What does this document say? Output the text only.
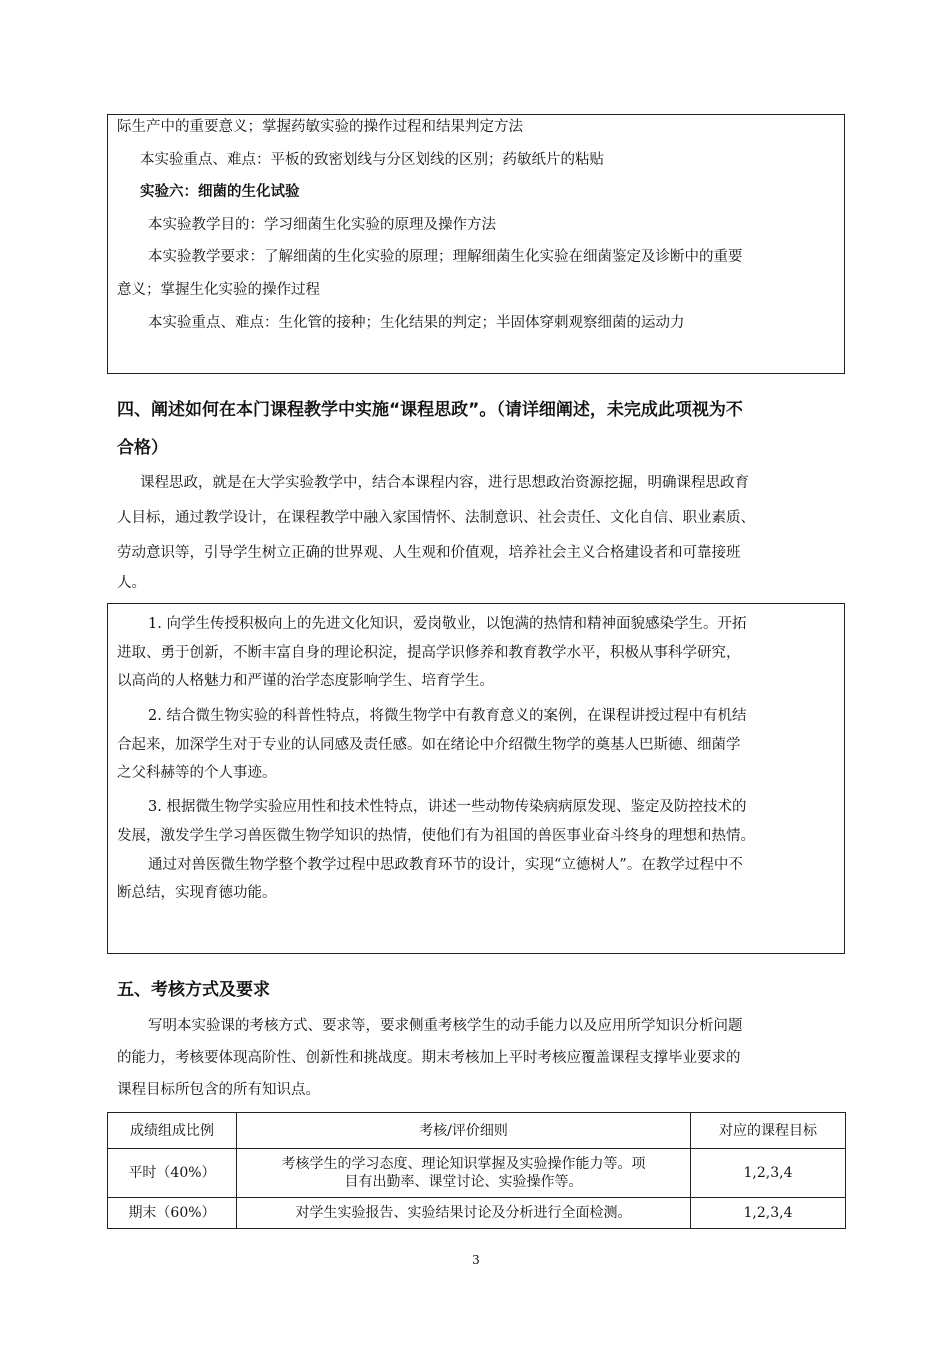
际生产中的重要意义；掌握药敏实验的操作过程和结果判定方法
本实验重点、难点：平板的致密划线与分区划线的区别；药敏纸片的粘贴
实验六：细菌的生化试验
本实验教学目的：学习细菌生化实验的原理及操作方法
本实验教学要求：了解细菌的生化实验的原理；理解细菌生化实验在细菌鉴定及诊断中的重要
意义；掌握生化实验的操作过程
本实验重点、难点：生化管的接种；生化结果的判定；半固体穿刺观察细菌的运动力
四、阐述如何在本门课程教学中实施“课程思政”。（请详细阐述，未完成此项视为不
合格）
课程思政，就是在大学实验教学中，结合本课程内容，进行思想政治资源挖掘，明确课程思政育
人目标，通过教学设计，在课程教学中融入家国情怀、法制意识、社会责任、文化自信、职业素质、
劳动意识等，引导学生树立正确的世界观、人生观和价值观，培养社会主义合格建设者和可靠接班
人。
1. 向学生传授积极向上的先进文化知识，爱岗敬业，以饱满的热情和精神面貌感染学生。开拓
进取、勇于创新，不断丰富自身的理论积淀，提高学识修养和教育教学水平，积极从事科学研究，
以高尚的人格魅力和严谨的治学态度影响学生、培育学生。
2. 结合微生物实验的科普性特点，将微生物学中有教育意义的案例，在课程讲授过程中有机结
合起来，加深学生对于专业的认同感及责任感。如在绪论中介绍微生物学的奠基人巴斯德、细菌学
之父科赫等的个人事迹。
3. 根据微生物学实验应用性和技术性特点，讲述一些动物传染病病原发现、鉴定及防控技术的
发展，激发学生学习兽医微生物学知识的热情，使他们有为祖国的兽医事业奋斗终身的理想和热情。
通过对兽医微生物学整个教学过程中思政教育环节的设计，实现“立德树人”。在教学过程中不
断总结，实现育德功能。
五、考核方式及要求
写明本实验课的考核方式、要求等，要求侧重考核学生的动手能力以及应用所学知识分析问题
的能力，考核要体现高阶性、创新性和挑战度。期末考核加上平时考核应覆盖课程支撑毕业要求的
课程目标所包含的所有知识点。
成绩组成比例	考核/评价细则	对应的课程目标
平时（40%）	考核学生的学习态度、理论知识掌握及实验操作能力等。项
目有出勤率、课堂讨论、实验操作等。	1,2,3,4
期末（60%）	对学生实验报告、实验结果讨论及分析进行全面检测。	1,2,3,4
3
